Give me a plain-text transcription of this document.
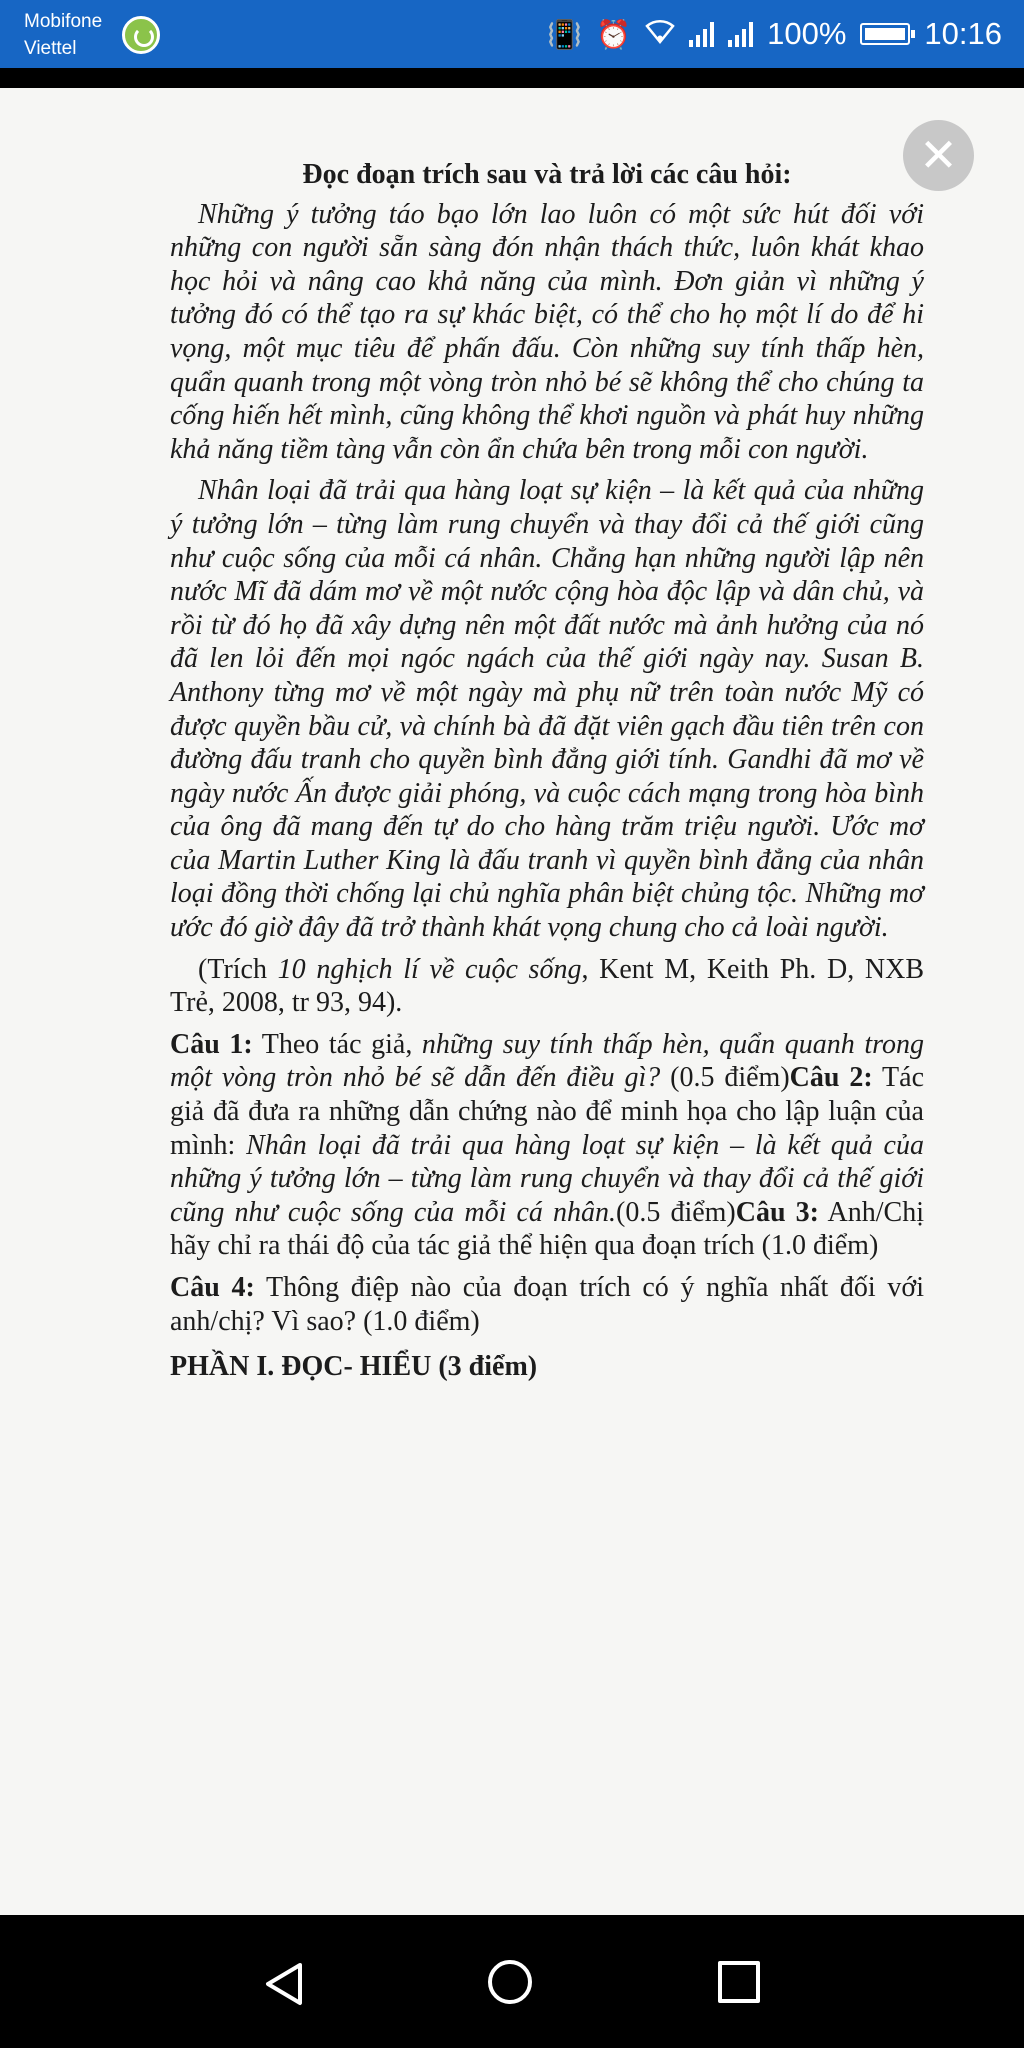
Mobifone
Viettel	📳 ⏰	100%	10:16
✕
Đọc đoạn trích sau và trả lời các câu hỏi:

Những ý tưởng táo bạo lớn lao luôn có một sức hút đối với những con người sẵn sàng đón nhận thách thức, luôn khát khao học hỏi và nâng cao khả năng của mình. Đơn giản vì những ý tưởng đó có thể tạo ra sự khác biệt, có thể cho họ một lí do để hi vọng, một mục tiêu để phấn đấu. Còn những suy tính thấp hèn, quẩn quanh trong một vòng tròn nhỏ bé sẽ không thể cho chúng ta cống hiến hết mình, cũng không thể khơi nguồn và phát huy những khả năng tiềm tàng vẫn còn ẩn chứa bên trong mỗi con người.

Nhân loại đã trải qua hàng loạt sự kiện – là kết quả của những ý tưởng lớn – từng làm rung chuyển và thay đổi cả thế giới cũng như cuộc sống của mỗi cá nhân. Chẳng hạn những người lập nên nước Mĩ đã dám mơ về một nước cộng hòa độc lập và dân chủ, và rồi từ đó họ đã xây dựng nên một đất nước mà ảnh hưởng của nó đã len lỏi đến mọi ngóc ngách của thế giới ngày nay. Susan B. Anthony từng mơ về một ngày mà phụ nữ trên toàn nước Mỹ có được quyền bầu cử, và chính bà đã đặt viên gạch đầu tiên trên con đường đấu tranh cho quyền bình đẳng giới tính. Gandhi đã mơ về ngày nước Ấn được giải phóng, và cuộc cách mạng trong hòa bình của ông đã mang đến tự do cho hàng trăm triệu người. Ước mơ của Martin Luther King là đấu tranh vì quyền bình đẳng của nhân loại đồng thời chống lại chủ nghĩa phân biệt chủng tộc. Những mơ ước đó giờ đây đã trở thành khát vọng chung cho cả loài người.

(Trích 10 nghịch lí về cuộc sống, Kent M, Keith Ph. D, NXB Trẻ, 2008, tr 93, 94).

Câu 1: Theo tác giả, những suy tính thấp hèn, quẩn quanh trong một vòng tròn nhỏ bé sẽ dẫn đến điều gì? (0.5 điểm)Câu 2: Tác giả đã đưa ra những dẫn chứng nào để minh họa cho lập luận của mình: Nhân loại đã trải qua hàng loạt sự kiện – là kết quả của những ý tưởng lớn – từng làm rung chuyển và thay đổi cả thế giới cũng như cuộc sống của mỗi cá nhân.(0.5 điểm)Câu 3: Anh/Chị hãy chỉ ra thái độ của tác giả thể hiện qua đoạn trích (1.0 điểm)

Câu 4: Thông điệp nào của đoạn trích có ý nghĩa nhất đối với anh/chị? Vì sao? (1.0 điểm)

PHẦN I. ĐỌC- HIỂU (3 điểm)
